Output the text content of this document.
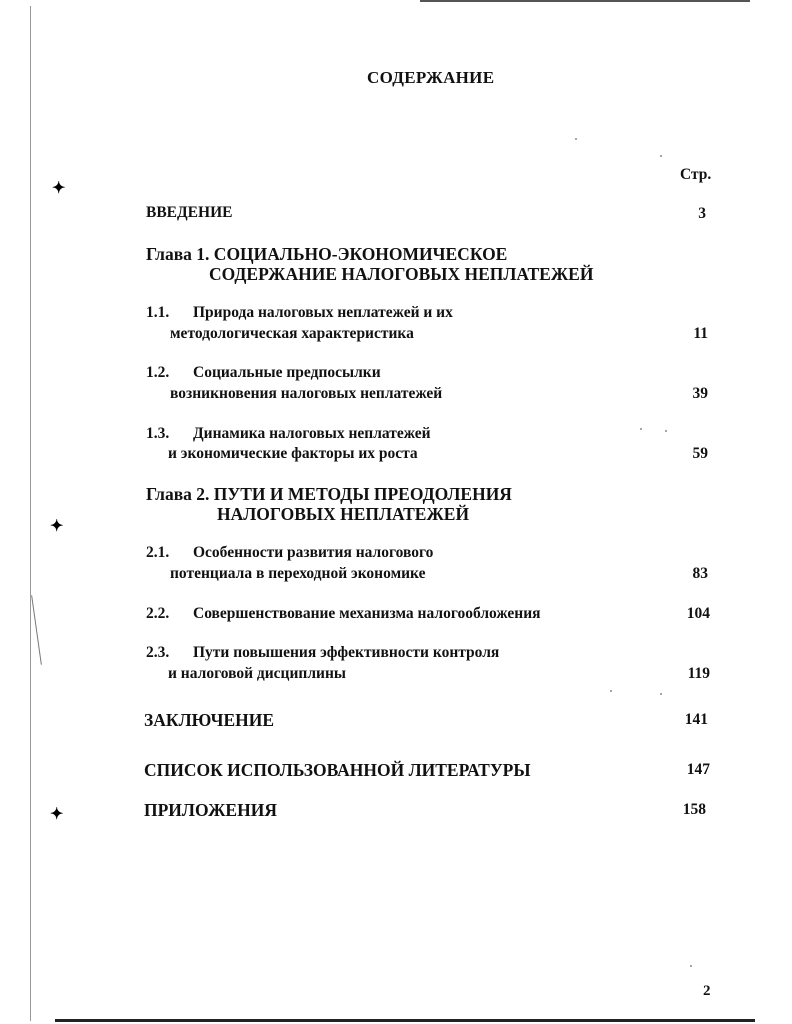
✦
✦
✦
СОДЕРЖАНИЕ
Стр.
ВВЕДЕНИЕ	3
Глава 1. СОЦИАЛЬНО-ЭКОНОМИЧЕСКОЕ
СОДЕРЖАНИЕ НАЛОГОВЫХ НЕПЛАТЕЖЕЙ
1.1. Природа налоговых неплатежей и их
методологическая характеристика	11
1.2. Социальные предпосылки
возникновения налоговых неплатежей	39
1.3. Динамика налоговых неплатежей
и экономические факторы их роста	59
Глава 2. ПУТИ И МЕТОДЫ ПРЕОДОЛЕНИЯ
НАЛОГОВЫХ НЕПЛАТЕЖЕЙ
2.1. Особенности развития налогового
потенциала в переходной экономике	83
2.2. Совершенствование механизма налогообложения	104
2.3. Пути повышения эффективности контроля
и налоговой дисциплины	119
ЗАКЛЮЧЕНИЕ	141
СПИСОК ИСПОЛЬЗОВАННОЙ ЛИТЕРАТУРЫ	147
ПРИЛОЖЕНИЯ	158
2
